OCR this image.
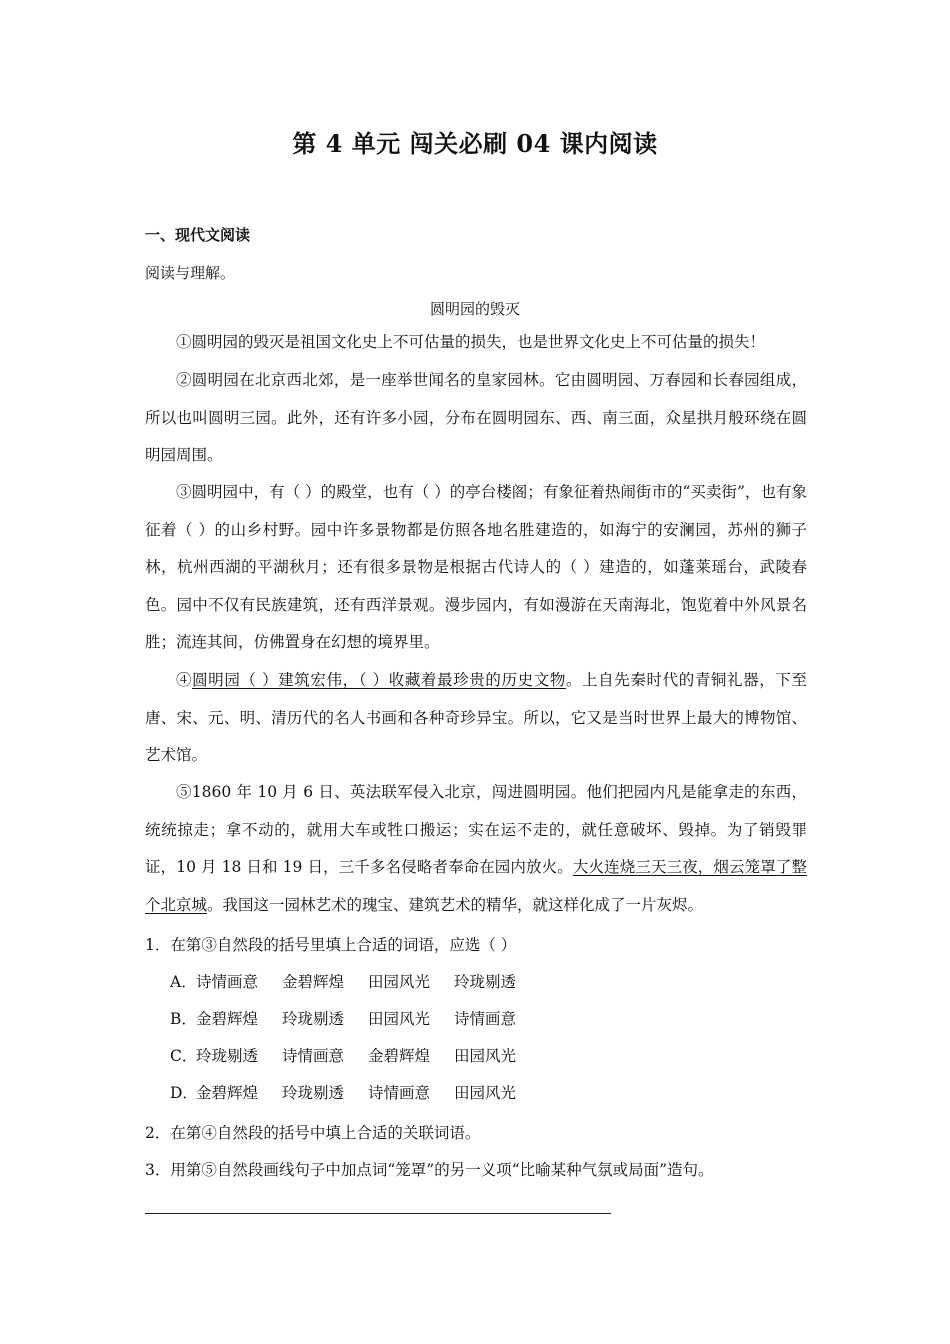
第 4 单元 闯关必刷 04 课内阅读
一、现代文阅读
阅读与理解。
圆明园的毁灭

①圆明园的毁灭是祖国文化史上不可估量的损失，也是世界文化史上不可估量的损失！

②圆明园在北京西北郊，是一座举世闻名的皇家园林。它由圆明园、万春园和长春园组成，所以也叫圆明三园。此外，还有许多小园，分布在圆明园东、西、南三面，众星拱月般环绕在圆明园周围。

③圆明园中，有（ ）的殿堂，也有（ ）的亭台楼阁；有象征着热闹街市的“买卖街”，也有象征着（ ）的山乡村野。园中许多景物都是仿照各地名胜建造的，如海宁的安澜园，苏州的狮子林，杭州西湖的平湖秋月；还有很多景物是根据古代诗人的（ ）建造的，如蓬莱瑶台，武陵春色。园中不仅有民族建筑，还有西洋景观。漫步园内，有如漫游在天南海北，饱览着中外风景名胜；流连其间，仿佛置身在幻想的境界里。

④圆明园（ ）建筑宏伟，（ ）收藏着最珍贵的历史文物。上自先秦时代的青铜礼器，下至唐、宋、元、明、清历代的名人书画和各种奇珍异宝。所以，它又是当时世界上最大的博物馆、艺术馆。

⑤1860 年 10 月 6 日、英法联军侵入北京，闯进圆明园。他们把园内凡是能拿走的东西，统统掠走；拿不动的，就用大车或牲口搬运；实在运不走的，就任意破坏、毁掉。为了销毁罪证，10 月 18 日和 19 日，三千多名侵略者奉命在园内放火。大火连烧三天三夜，烟云笼罩了整个北京城。我国这一园林艺术的瑰宝、建筑艺术的精华，就这样化成了一片灰烬。

1．在第③自然段的括号里填上合适的词语，应选（ ）
A．诗情画意 金碧辉煌 田园风光 玲珑剔透
B．金碧辉煌 玲珑剔透 田园风光 诗情画意
C．玲珑剔透 诗情画意 金碧辉煌 田园风光
D．金碧辉煌 玲珑剔透 诗情画意 田园风光
2．在第④自然段的括号中填上合适的关联词语。
3．用第⑤自然段画线句子中加点词“笼罩”的另一义项“比喻某种气氛或局面”造句。
